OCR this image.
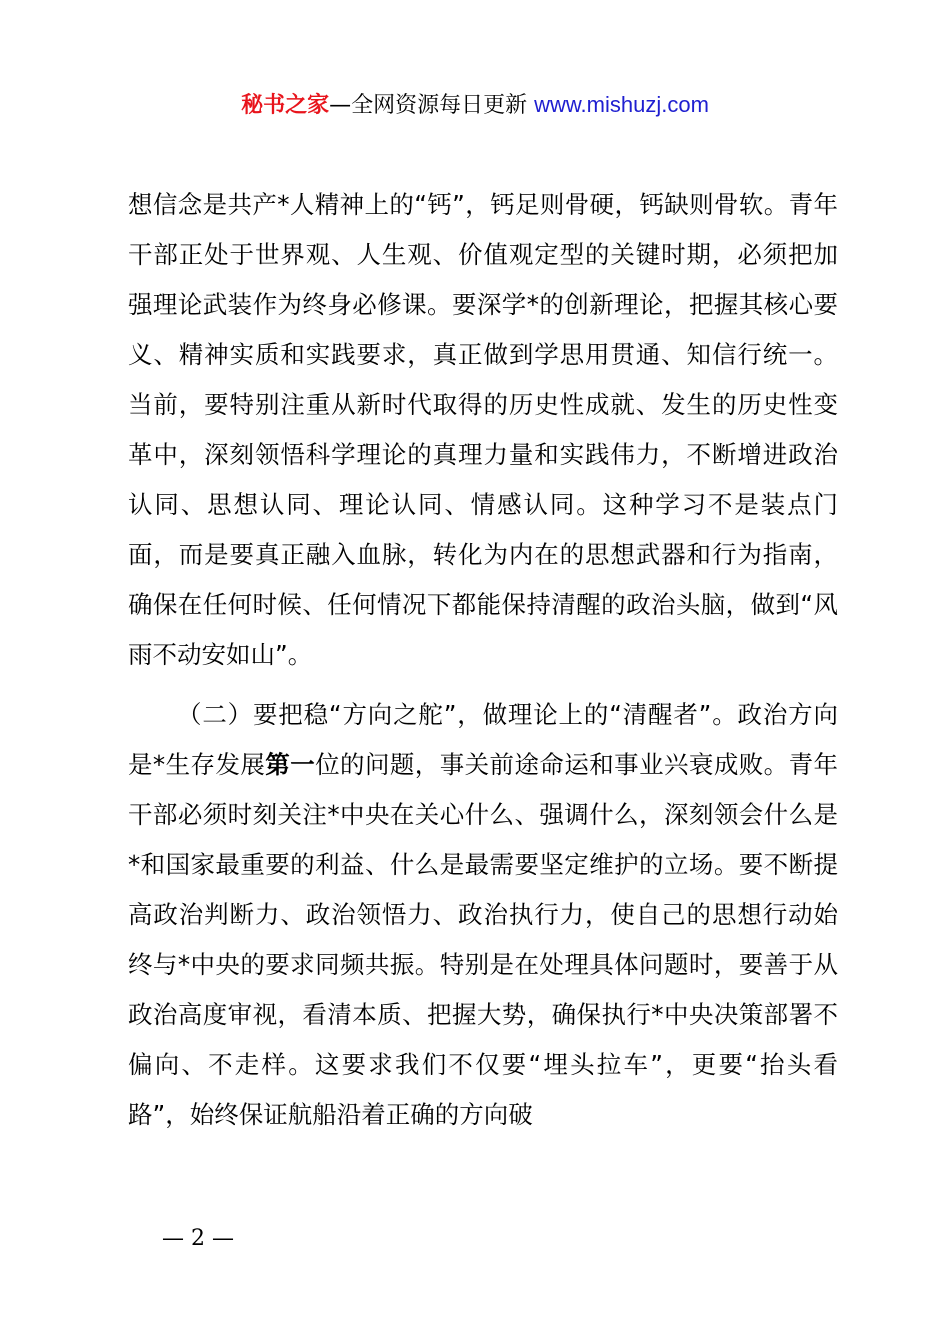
秘书之家—全网资源每日更新 www.mishuzj.com

想信念是共产*人精神上的“钙”，钙足则骨硬，钙缺则骨软。青年干部正处于世界观、人生观、价值观定型的关键时期，必须把加强理论武装作为终身必修课。要深学*的创新理论，把握其核心要义、精神实质和实践要求，真正做到学思用贯通、知信行统一。当前，要特别注重从新时代取得的历史性成就、发生的历史性变革中，深刻领悟科学理论的真理力量和实践伟力，不断增进政治认同、思想认同、理论认同、情感认同。这种学习不是装点门面，而是要真正融入血脉，转化为内在的思想武器和行为指南，确保在任何时候、任何情况下都能保持清醒的政治头脑，做到“风雨不动安如山”。

（二）要把稳“方向之舵”，做理论上的“清醒者”。政治方向是*生存发展第一位的问题，事关前途命运和事业兴衰成败。青年干部必须时刻关注*中央在关心什么、强调什么，深刻领会什么是*和国家最重要的利益、什么是最需要坚定维护的立场。要不断提高政治判断力、政治领悟力、政治执行力，使自己的思想行动始终与*中央的要求同频共振。特别是在处理具体问题时，要善于从政治高度审视，看清本质、把握大势，确保执行*中央决策部署不偏向、不走样。这要求我们不仅要“埋头拉车”，更要“抬头看路”，始终保证航船沿着正确的方向破

— 2 —
